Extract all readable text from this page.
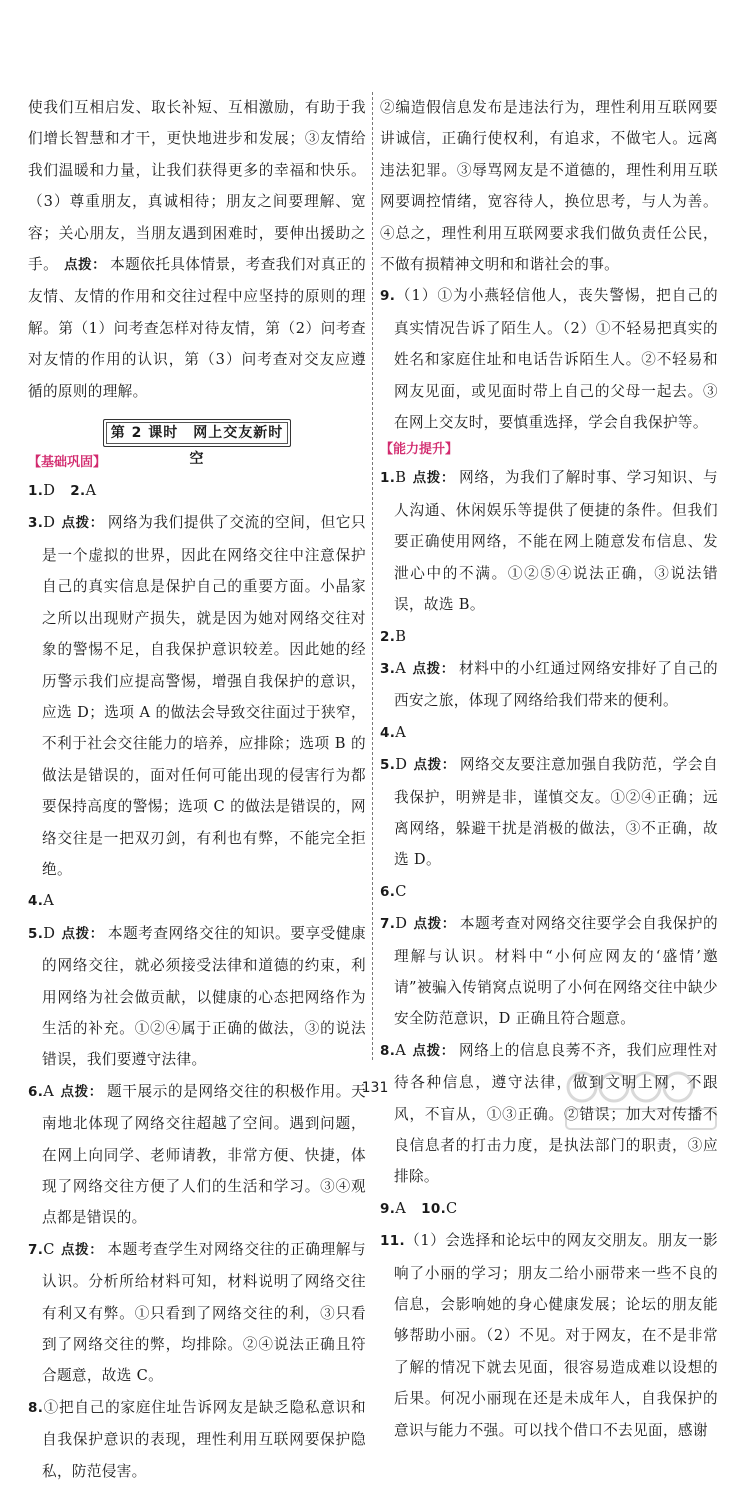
使我们互相启发、取长补短、互相激励，有助于我们增长智慧和才干，更快地进步和发展；③友情给我们温暖和力量，让我们获得更多的幸福和快乐。（3）尊重朋友，真诚相待；朋友之间要理解、宽容；关心朋友，当朋友遇到困难时，要伸出援助之手。 点拨： 本题依托具体情景，考查我们对真正的友情、友情的作用和交往过程中应坚持的原则的理解。第（1）问考查怎样对待友情，第（2）问考查对友情的作用的认识，第（3）问考查对交友应遵循的原则的理解。

第 2 课时　网上交友新时空
【基础巩固】

1.D　2.A

3.D 点拨： 网络为我们提供了交流的空间，但它只是一个虚拟的世界，因此在网络交往中注意保护自己的真实信息是保护自己的重要方面。小晶家之所以出现财产损失，就是因为她对网络交往对象的警惕不足，自我保护意识较差。因此她的经历警示我们应提高警惕，增强自我保护的意识，应选 D；选项 A 的做法会导致交往面过于狭窄，不利于社会交往能力的培养，应排除；选项 B 的做法是错误的，面对任何可能出现的侵害行为都要保持高度的警惕；选项 C 的做法是错误的，网络交往是一把双刃剑，有利也有弊，不能完全拒绝。

4.A

5.D 点拨： 本题考查网络交往的知识。要享受健康的网络交往，就必须接受法律和道德的约束，利用网络为社会做贡献，以健康的心态把网络作为生活的补充。①②④属于正确的做法，③的说法错误，我们要遵守法律。

6.A 点拨： 题干展示的是网络交往的积极作用。天南地北体现了网络交往超越了空间。遇到问题，在网上向同学、老师请教，非常方便、快捷，体现了网络交往方便了人们的生活和学习。③④观点都是错误的。

7.C 点拨： 本题考查学生对网络交往的正确理解与认识。分析所给材料可知，材料说明了网络交往有利又有弊。①只看到了网络交往的利，③只看到了网络交往的弊，均排除。②④说法正确且符合题意，故选 C。

8.①把自己的家庭住址告诉网友是缺乏隐私意识和自我保护意识的表现，理性利用互联网要保护隐私，防范侵害。

②编造假信息发布是违法行为，理性利用互联网要讲诚信，正确行使权利，有追求，不做宅人。远离违法犯罪。③辱骂网友是不道德的，理性利用互联网要调控情绪，宽容待人，换位思考，与人为善。④总之，理性利用互联网要求我们做负责任公民，不做有损精神文明和和谐社会的事。

9.（1）①为小燕轻信他人，丧失警惕，把自己的真实情况告诉了陌生人。（2）①不轻易把真实的姓名和家庭住址和电话告诉陌生人。②不轻易和网友见面，或见面时带上自己的父母一起去。③在网上交友时，要慎重选择，学会自我保护等。

【能力提升】

1.B 点拨： 网络，为我们了解时事、学习知识、与人沟通、休闲娱乐等提供了便捷的条件。但我们要正确使用网络，不能在网上随意发布信息、发泄心中的不满。①②⑤④说法正确，③说法错误，故选 B。

2.B

3.A 点拨： 材料中的小红通过网络安排好了自己的西安之旅，体现了网络给我们带来的便利。

4.A

5.D 点拨： 网络交友要注意加强自我防范，学会自我保护，明辨是非，谨慎交友。①②④正确；远离网络，躲避干扰是消极的做法，③不正确，故选 D。

6.C

7.D 点拨： 本题考查对网络交往要学会自我保护的理解与认识。材料中“小何应网友的‘盛情’邀请”被骗入传销窝点说明了小何在网络交往中缺少安全防范意识，D 正确且符合题意。

8.A 点拨： 网络上的信息良莠不齐，我们应理性对待各种信息，遵守法律，做到文明上网，不跟风，不盲从，①③正确。②错误；加大对传播不良信息者的打击力度，是执法部门的职责，③应排除。

9.A　10.C

11.（1）会选择和论坛中的网友交朋友。朋友一影响了小丽的学习；朋友二给小丽带来一些不良的信息，会影响她的身心健康发展；论坛的朋友能够帮助小丽。（2）不见。对于网友，在不是非常了解的情况下就去见面，很容易造成难以设想的后果。何况小丽现在还是未成年人，自我保护的意识与能力不强。可以找个借口不去见面，感谢

131
